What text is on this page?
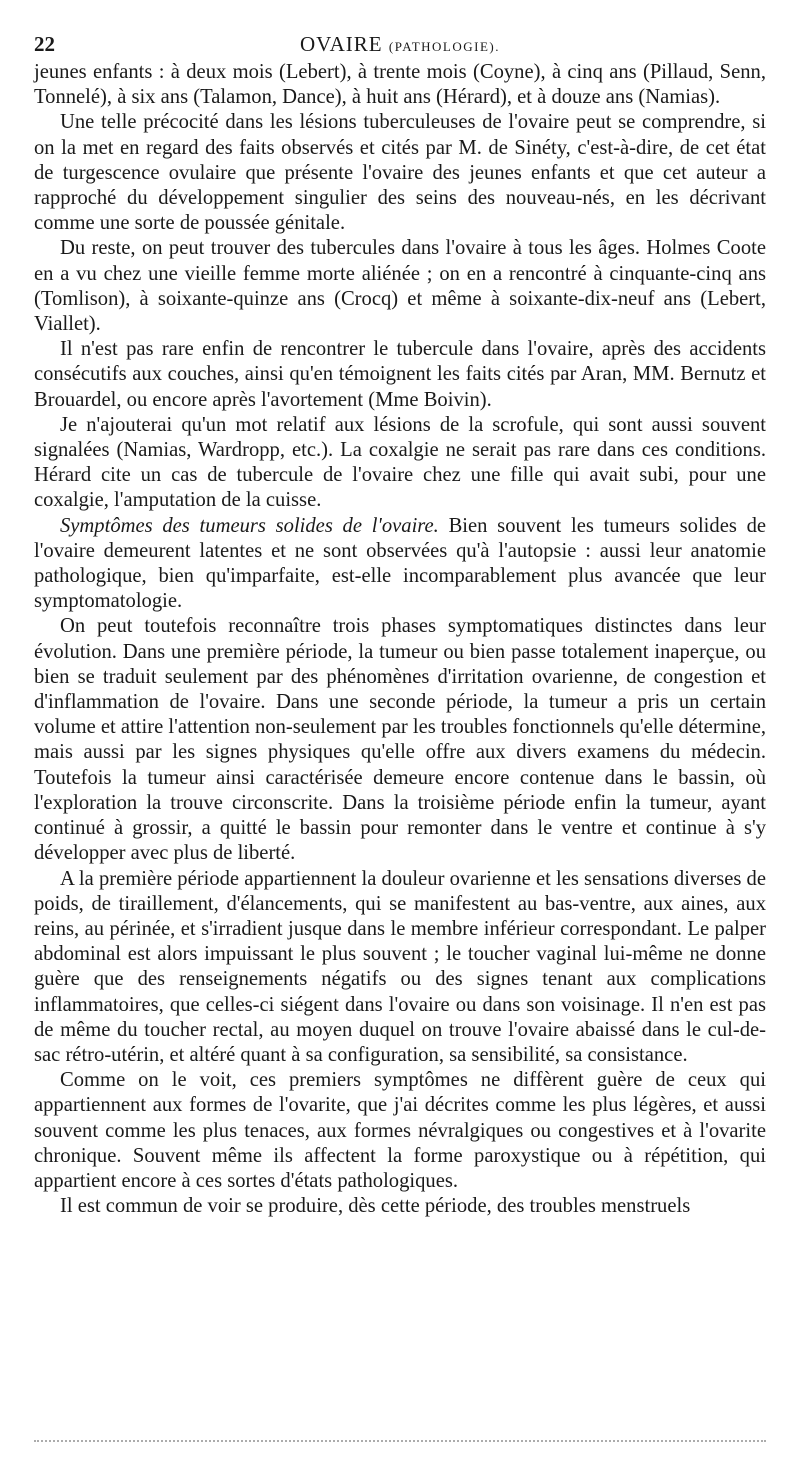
22	OVAIRE (PATHOLOGIE).

jeunes enfants : à deux mois (Lebert), à trente mois (Coyne), à cinq ans (Pillaud, Senn, Tonnelé), à six ans (Talamon, Dance), à huit ans (Hérard), et à douze ans (Namias).

Une telle précocité dans les lésions tuberculeuses de l'ovaire peut se comprendre, si on la met en regard des faits observés et cités par M. de Sinéty, c'est-à-dire, de cet état de turgescence ovulaire que présente l'ovaire des jeunes enfants et que cet auteur a rapproché du développement singulier des seins des nouveau-nés, en les décrivant comme une sorte de poussée génitale.

Du reste, on peut trouver des tubercules dans l'ovaire à tous les âges. Holmes Coote en a vu chez une vieille femme morte aliénée ; on en a rencontré à cinquante-cinq ans (Tomlison), à soixante-quinze ans (Crocq) et même à soixante-dix-neuf ans (Lebert, Viallet).

Il n'est pas rare enfin de rencontrer le tubercule dans l'ovaire, après des accidents consécutifs aux couches, ainsi qu'en témoignent les faits cités par Aran, MM. Bernutz et Brouardel, ou encore après l'avortement (Mme Boivin).

Je n'ajouterai qu'un mot relatif aux lésions de la scrofule, qui sont aussi souvent signalées (Namias, Wardropp, etc.). La coxalgie ne serait pas rare dans ces conditions. Hérard cite un cas de tubercule de l'ovaire chez une fille qui avait subi, pour une coxalgie, l'amputation de la cuisse.

Symptômes des tumeurs solides de l'ovaire. Bien souvent les tumeurs solides de l'ovaire demeurent latentes et ne sont observées qu'à l'autopsie : aussi leur anatomie pathologique, bien qu'imparfaite, est-elle incomparablement plus avancée que leur symptomatologie.

On peut toutefois reconnaître trois phases symptomatiques distinctes dans leur évolution. Dans une première période, la tumeur ou bien passe totalement inaperçue, ou bien se traduit seulement par des phénomènes d'irritation ovarienne, de congestion et d'inflammation de l'ovaire. Dans une seconde période, la tumeur a pris un certain volume et attire l'attention non-seulement par les troubles fonctionnels qu'elle détermine, mais aussi par les signes physiques qu'elle offre aux divers examens du médecin. Toutefois la tumeur ainsi caractérisée demeure encore contenue dans le bassin, où l'exploration la trouve circonscrite. Dans la troisième période enfin la tumeur, ayant continué à grossir, a quitté le bassin pour remonter dans le ventre et continue à s'y développer avec plus de liberté.

A la première période appartiennent la douleur ovarienne et les sensations diverses de poids, de tiraillement, d'élancements, qui se manifestent au bas-ventre, aux aines, aux reins, au périnée, et s'irradient jusque dans le membre inférieur correspondant. Le palper abdominal est alors impuissant le plus souvent ; le toucher vaginal lui-même ne donne guère que des renseignements négatifs ou des signes tenant aux complications inflammatoires, que celles-ci siégent dans l'ovaire ou dans son voisinage. Il n'en est pas de même du toucher rectal, au moyen duquel on trouve l'ovaire abaissé dans le cul-de-sac rétro-utérin, et altéré quant à sa configuration, sa sensibilité, sa consistance.

Comme on le voit, ces premiers symptômes ne diffèrent guère de ceux qui appartiennent aux formes de l'ovarite, que j'ai décrites comme les plus légères, et aussi souvent comme les plus tenaces, aux formes névralgiques ou congestives et à l'ovarite chronique. Souvent même ils affectent la forme paroxystique ou à répétition, qui appartient encore à ces sortes d'états pathologiques.

Il est commun de voir se produire, dès cette période, des troubles menstruels
